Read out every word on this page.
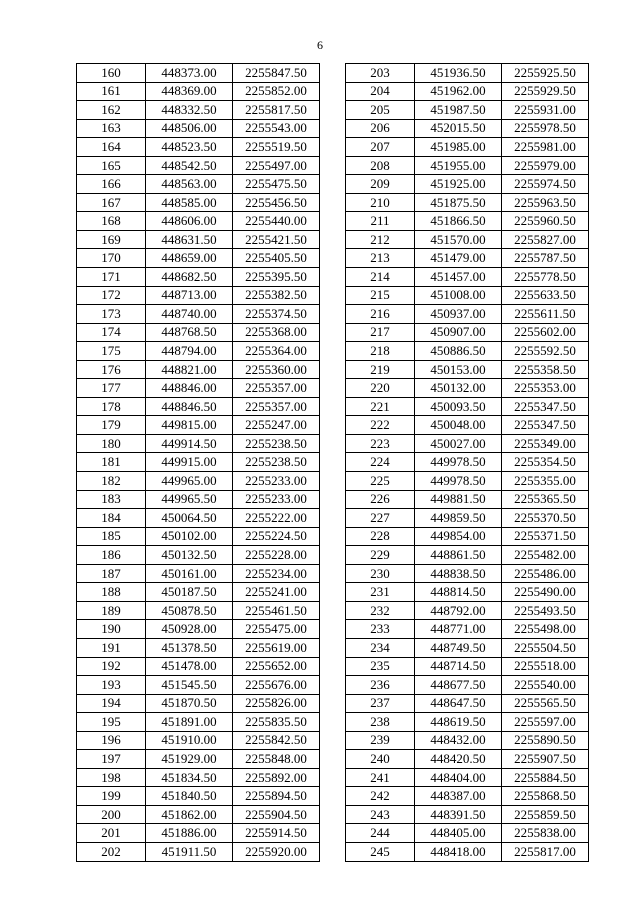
6
160	448373.00	2255847.50
161	448369.00	2255852.00
162	448332.50	2255817.50
163	448506.00	2255543.00
164	448523.50	2255519.50
165	448542.50	2255497.00
166	448563.00	2255475.50
167	448585.00	2255456.50
168	448606.00	2255440.00
169	448631.50	2255421.50
170	448659.00	2255405.50
171	448682.50	2255395.50
172	448713.00	2255382.50
173	448740.00	2255374.50
174	448768.50	2255368.00
175	448794.00	2255364.00
176	448821.00	2255360.00
177	448846.00	2255357.00
178	448846.50	2255357.00
179	449815.00	2255247.00
180	449914.50	2255238.50
181	449915.00	2255238.50
182	449965.00	2255233.00
183	449965.50	2255233.00
184	450064.50	2255222.00
185	450102.00	2255224.50
186	450132.50	2255228.00
187	450161.00	2255234.00
188	450187.50	2255241.00
189	450878.50	2255461.50
190	450928.00	2255475.00
191	451378.50	2255619.00
192	451478.00	2255652.00
193	451545.50	2255676.00
194	451870.50	2255826.00
195	451891.00	2255835.50
196	451910.00	2255842.50
197	451929.00	2255848.00
198	451834.50	2255892.00
199	451840.50	2255894.50
200	451862.00	2255904.50
201	451886.00	2255914.50
202	451911.50	2255920.00
203	451936.50	2255925.50
204	451962.00	2255929.50
205	451987.50	2255931.00
206	452015.50	2255978.50
207	451985.00	2255981.00
208	451955.00	2255979.00
209	451925.00	2255974.50
210	451875.50	2255963.50
211	451866.50	2255960.50
212	451570.00	2255827.00
213	451479.00	2255787.50
214	451457.00	2255778.50
215	451008.00	2255633.50
216	450937.00	2255611.50
217	450907.00	2255602.00
218	450886.50	2255592.50
219	450153.00	2255358.50
220	450132.00	2255353.00
221	450093.50	2255347.50
222	450048.00	2255347.50
223	450027.00	2255349.00
224	449978.50	2255354.50
225	449978.50	2255355.00
226	449881.50	2255365.50
227	449859.50	2255370.50
228	449854.00	2255371.50
229	448861.50	2255482.00
230	448838.50	2255486.00
231	448814.50	2255490.00
232	448792.00	2255493.50
233	448771.00	2255498.00
234	448749.50	2255504.50
235	448714.50	2255518.00
236	448677.50	2255540.00
237	448647.50	2255565.50
238	448619.50	2255597.00
239	448432.00	2255890.50
240	448420.50	2255907.50
241	448404.00	2255884.50
242	448387.00	2255868.50
243	448391.50	2255859.50
244	448405.00	2255838.00
245	448418.00	2255817.00
